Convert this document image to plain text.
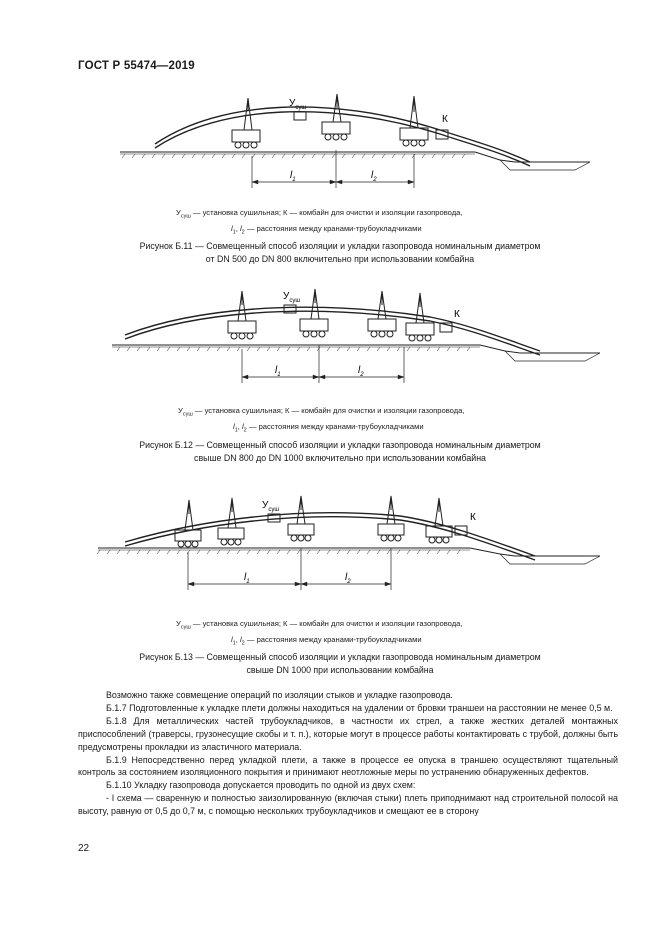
ГОСТ Р 55474—2019
$У_{суш}$
К
$l_1$	$l_2$
$У_{суш}$ — установка сушильная; К — комбайн для очистки и изоляции газопровода,
$l_1$, $l_2$ — расстояния между кранами-трубоукладчиками
Рисунок Б.11 — Совмещенный способ изоляции и укладки газопровода номинальным диаметром
от DN 500 до DN 800 включительно при использовании комбайна
$У_{суш}$
К
$l_1$	$l_2$
$У_{суш}$ — установка сушильная; К — комбайн для очистки и изоляции газопровода,
$l_1$, $l_2$ — расстояния между кранами-трубоукладчиками
Рисунок Б.12 — Совмещенный способ изоляции и укладки газопровода номинальным диаметром
свыше DN 800 до DN 1000 включительно при использовании комбайна
$У_{суш}$
К
$l_1$	$l_2$
$У_{суш}$ — установка сушильная; К — комбайн для очистки и изоляции газопровода,
$l_1$, $l_2$ — расстояния между кранами-трубоукладчиками
Рисунок Б.13 — Совмещенный способ изоляции и укладки газопровода номинальным диаметром
свыше DN 1000 при использовании комбайна

Возможно также совмещение операций по изоляции стыков и укладке газопровода.

Б.1.7 Подготовленные к укладке плети должны находиться на удалении от бровки траншеи на расстоянии не менее 0,5 м.

Б.1.8 Для металлических частей трубоукладчиков, в частности их стрел, а также жестких деталей монтажных приспособлений (траверсы, грузонесущие скобы и т. п.), которые могут в процессе работы контактировать с трубой, должны быть предусмотрены прокладки из эластичного материала.

Б.1.9 Непосредственно перед укладкой плети, а также в процессе ее опуска в траншею осуществляют тщательный контроль за состоянием изоляционного покрытия и принимают неотложные меры по устранению обнаруженных дефектов.

Б.1.10 Укладку газопровода допускается проводить по одной из двух схем:

- I схема — сваренную и полностью заизолированную (включая стыки) плеть приподнимают над строительной полосой на высоту, равную от 0,5 до 0,7 м, с помощью нескольких трубоукладчиков и смещают ее в сторону

22
